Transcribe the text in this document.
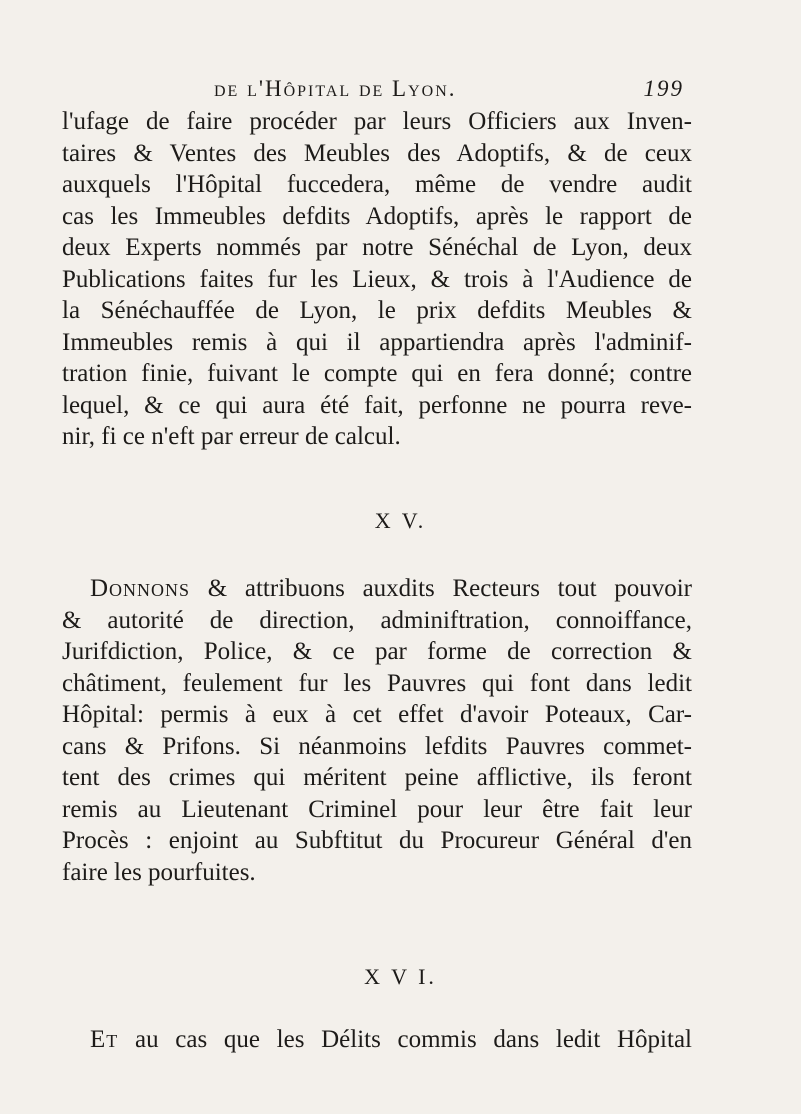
de l'Hôpital de Lyon.	199
l'ufage de faire procéder par leurs Officiers aux Inven-
taires & Ventes des Meubles des Adoptifs, & de ceux
auxquels l'Hôpital fuccedera, même de vendre audit
cas les Immeubles defdits Adoptifs, après le rapport de
deux Experts nommés par notre Sénéchal de Lyon, deux
Publications faites fur les Lieux, & trois à l'Audience de
la Sénéchauffée de Lyon, le prix defdits Meubles &
Immeubles remis à qui il appartiendra après l'adminif-
tration finie, fuivant le compte qui en fera donné; contre
lequel, & ce qui aura été fait, perfonne ne pourra reve-
nir, fi ce n'eft par erreur de calcul.
X V.
Donnons & attribuons auxdits Recteurs tout pouvoir
& autorité de direction, adminiftration, connoiffance,
Jurifdiction, Police, & ce par forme de correction &
châtiment, feulement fur les Pauvres qui font dans ledit
Hôpital: permis à eux à cet effet d'avoir Poteaux, Car-
cans & Prifons. Si néanmoins lefdits Pauvres commet-
tent des crimes qui méritent peine afflictive, ils feront
remis au Lieutenant Criminel pour leur être fait leur
Procès : enjoint au Subftitut du Procureur Général d'en
faire les pourfuites.
X V I.
Et au cas que les Délits commis dans ledit Hôpital
